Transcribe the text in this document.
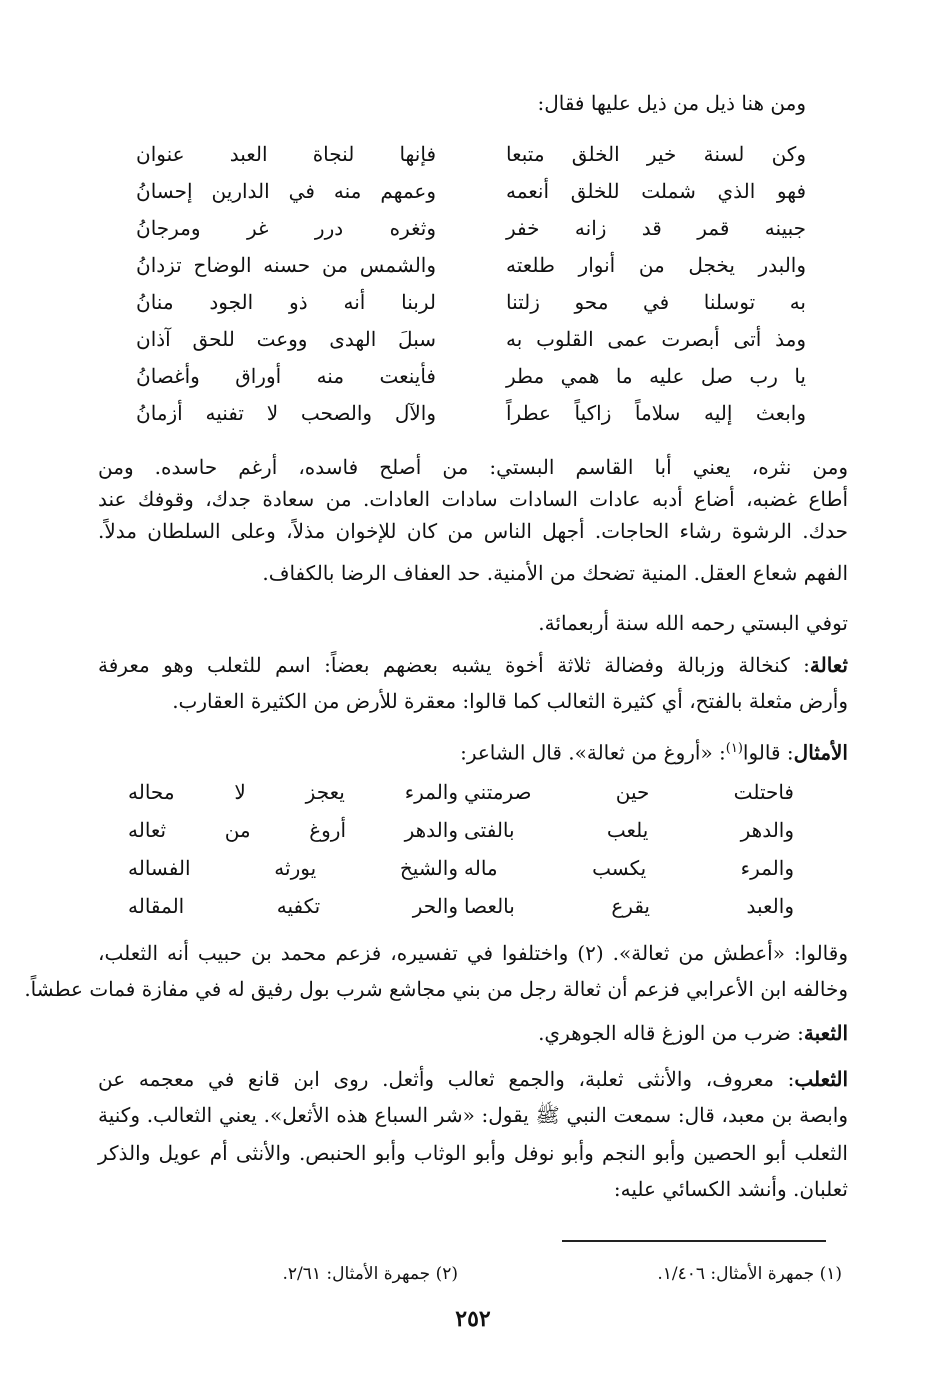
ومن هنا ذيل من ذيل عليها فقال:
وكن لسنة خير الخلق متبعا
فإنها لنجاة العبد عنوان
فهو الذي شملت للخلق أنعمه
وعمهم منه في الدارين إحسانُ
جبينه قمر قد زانه خفر
وثغره درر غر ومرجانُ
والبدر يخجل من أنوار طلعته
والشمس من حسنه الوضاح تزدانُ
به توسلنا في محو زلتنا
لربنا أنه ذو الجود منانُ
ومذ أتى أبصرت عمى القلوب به
سبلَ الهدى ووعت للحق آذان
يا رب صل عليه ما همي مطر
فأينعت منه أوراق وأغصانُ
وابعث إليه سلاماً زاكياً عطراً
والآل والصحب لا تفنيه أزمانُ
ومن نثره، يعني أبا القاسم البستي: من أصلح فاسده، أرغم حاسده. ومن
أطاع غضبه، أضاع أدبه عادات السادات سادات العادات. من سعادة جدك، وقوفك عند
حدك. الرشوة رشاء الحاجات. أجهل الناس من كان للإخوان مذلاً، وعلى السلطان مدلاً.
الفهم شعاع العقل. المنية تضحك من الأمنية. حد العفاف الرضا بالكفاف.
توفي البستي رحمه الله سنة أربعمائة.
ثعالة: كنخالة وزبالة وفضالة ثلاثة أخوة يشبه بعضهم بعضاً: اسم للثعلب وهو معرفة
وأرض مثعلة بالفتح، أي كثيرة الثعالب كما قالوا: معقرة للأرض من الكثيرة العقارب.
الأمثال: قالوا$^{(١)}$: «أروغ من ثعالة». قال الشاعر:
فاحتلت حين صرمتني
والمرء يعجز لا محاله
والدهر يلعب بالفتى
والدهر أروغ من ثعاله
والمرء يكسب ماله
والشيخ يورثه الفساله
والعبد يقرع بالعصا
والحر تكفيه المقاله
وقالوا: «أعطش من ثعالة». (٢) واختلفوا في تفسيره، فزعم محمد بن حبيب أنه الثعلب،
وخالفه ابن الأعرابي فزعم أن ثعالة رجل من بني مجاشع شرب بول رفيق له في مفازة فمات عطشاً.
الثعبة: ضرب من الوزغ قاله الجوهري.
الثعلب: معروف، والأنثى ثعلبة، والجمع ثعالب وأثعل. روى ابن قانع في معجمه عن
وابصة بن معبد، قال: سمعت النبي ﷺ يقول: «شر السباع هذه الأثعل». يعني الثعالب. وكنية
الثعلب أبو الحصين وأبو النجم وأبو نوفل وأبو الوثاب وأبو الحنبص. والأنثى أم عويل والذكر
ثعلبان. وأنشد الكسائي عليه:
(١) جمهرة الأمثال: ١/٤٠٦.
(٢) جمهرة الأمثال: ٢/٦١.
٢٥٢
